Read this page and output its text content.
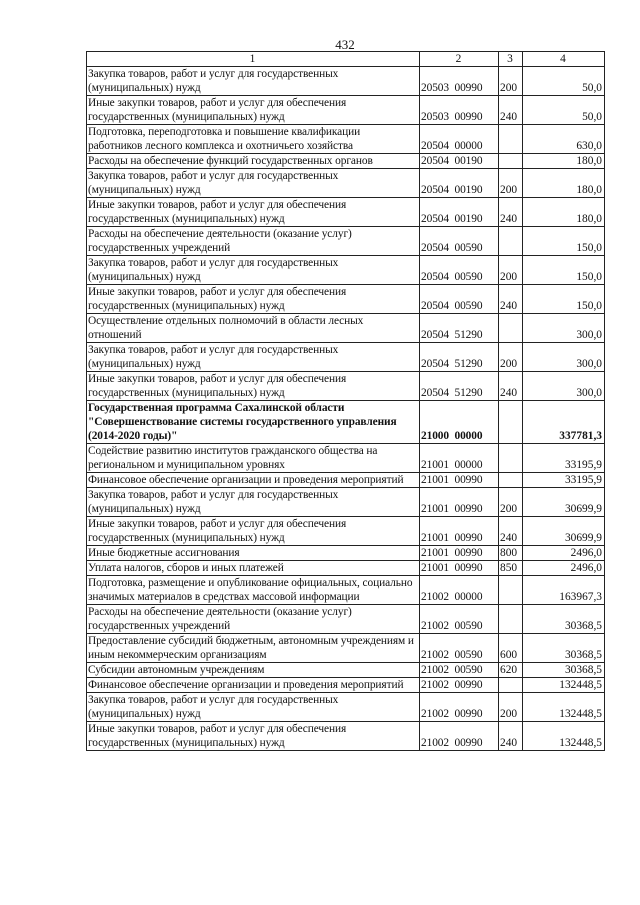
432
1	2	3	4
Закупка товаров, работ и услуг для государственных (муниципальных) нужд	20503  00990	200	50,0
Иные закупки товаров, работ и услуг для обеспечения государственных (муниципальных) нужд	20503  00990	240	50,0
Подготовка, переподготовка и повышение квалификации работников лесного комплекса и охотничьего хозяйства	20504  00000		630,0
Расходы на обеспечение функций государственных органов	20504  00190		180,0
Закупка товаров, работ и услуг для государственных (муниципальных) нужд	20504  00190	200	180,0
Иные закупки товаров, работ и услуг для обеспечения государственных (муниципальных) нужд	20504  00190	240	180,0
Расходы на обеспечение деятельности (оказание услуг) государственных учреждений	20504  00590		150,0
Закупка товаров, работ и услуг для государственных (муниципальных) нужд	20504  00590	200	150,0
Иные закупки товаров, работ и услуг для обеспечения государственных (муниципальных) нужд	20504  00590	240	150,0
Осуществление отдельных полномочий в области лесных отношений	20504  51290		300,0
Закупка товаров, работ и услуг для государственных (муниципальных) нужд	20504  51290	200	300,0
Иные закупки товаров, работ и услуг для обеспечения государственных (муниципальных) нужд	20504  51290	240	300,0
Государственная программа Сахалинской области "Совершенствование системы государственного управления (2014-2020 годы)"	21000  00000		337781,3
Содействие развитию институтов гражданского общества на региональном и муниципальном уровнях	21001  00000		33195,9
Финансовое обеспечение организации и проведения мероприятий	21001  00990		33195,9
Закупка товаров, работ и услуг для государственных (муниципальных) нужд	21001  00990	200	30699,9
Иные закупки товаров, работ и услуг для обеспечения государственных (муниципальных) нужд	21001  00990	240	30699,9
Иные бюджетные ассигнования	21001  00990	800	2496,0
Уплата налогов, сборов и иных платежей	21001  00990	850	2496,0
Подготовка, размещение и опубликование официальных, социально значимых материалов в средствах массовой информации	21002  00000		163967,3
Расходы на обеспечение деятельности (оказание услуг) государственных учреждений	21002  00590		30368,5
Предоставление субсидий бюджетным, автономным учреждениям и иным некоммерческим организациям	21002  00590	600	30368,5
Субсидии автономным учреждениям	21002  00590	620	30368,5
Финансовое обеспечение организации и проведения мероприятий	21002  00990		132448,5
Закупка товаров, работ и услуг для государственных (муниципальных) нужд	21002  00990	200	132448,5
Иные закупки товаров, работ и услуг для обеспечения государственных (муниципальных) нужд	21002  00990	240	132448,5
